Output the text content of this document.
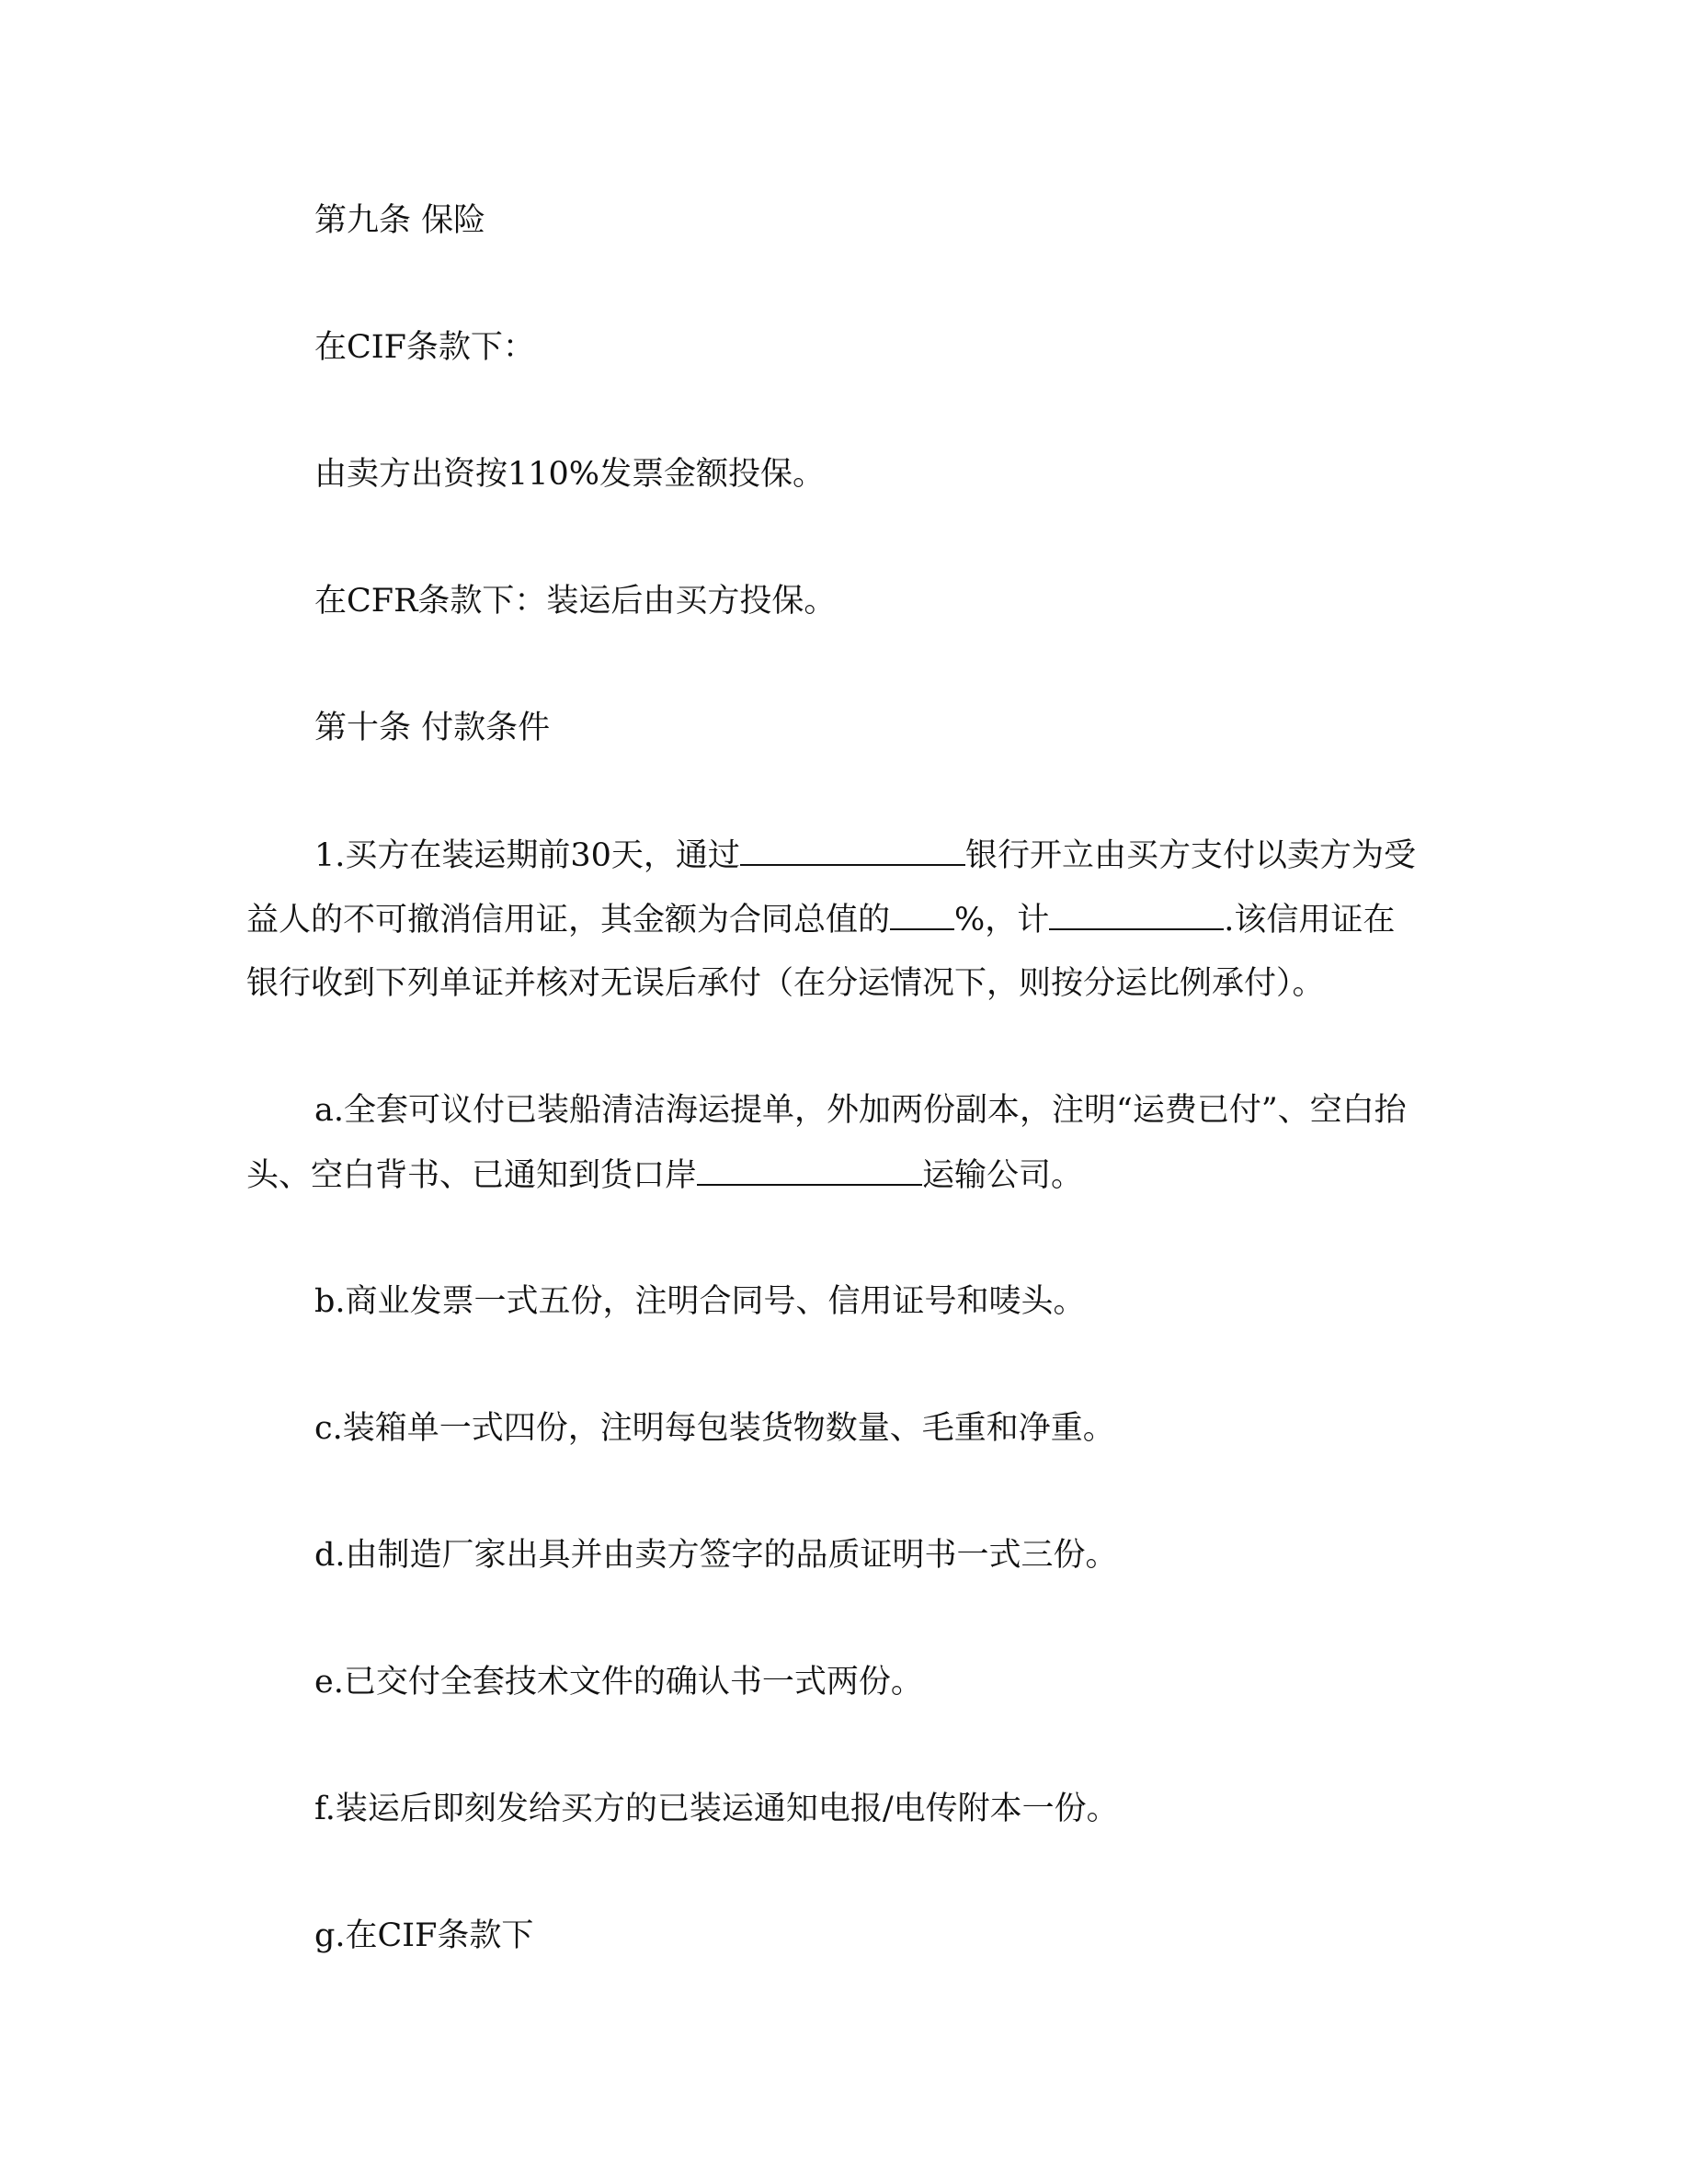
第九条 保险
在CIF条款下：
由卖方出资按110%发票金额投保。
在CFR条款下：装运后由买方投保。
第十条 付款条件
1.买方在装运期前30天，通过	银行开立由买方支付以卖方为受
益人的不可撤消信用证，其金额为合同总值的 %，计	.该信用证在
银行收到下列单证并核对无误后承付（在分运情况下，则按分运比例承付）。
a.全套可议付已装船清洁海运提单，外加两份副本，注明“运费已付”、空白抬
头、空白背书、已通知到货口岸	运输公司。
b.商业发票一式五份，注明合同号、信用证号和唛头。
c.装箱单一式四份，注明每包装货物数量、毛重和净重。
d.由制造厂家出具并由卖方签字的品质证明书一式三份。
e.已交付全套技术文件的确认书一式两份。
f.装运后即刻发给买方的已装运通知电报/电传附本一份。
g.在CIF条款下
